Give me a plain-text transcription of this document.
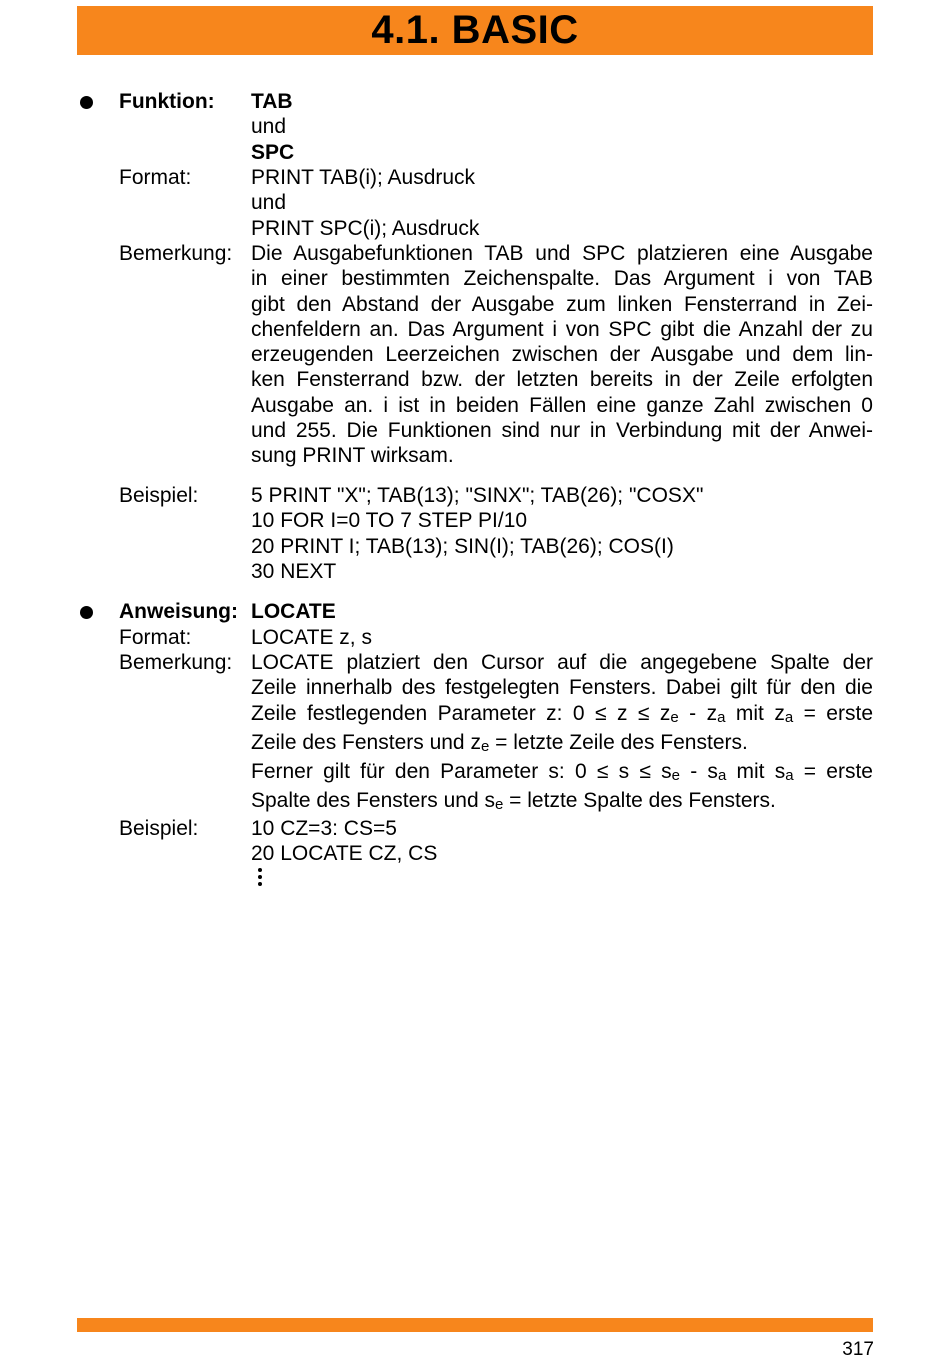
4.1. BASIC
Funktion: TAB
und
SPC
Format:	PRINT TAB(i); Ausdruck
und
PRINT SPC(i); Ausdruck
Bemerkung: Die Ausgabefunktionen TAB und SPC platzieren eine Ausgabe
in einer bestimmten Zeichenspalte. Das Argument i von TAB
gibt den Abstand der Ausgabe zum linken Fensterrand in Zei-
chenfeldern an. Das Argument i von SPC gibt die Anzahl der zu
erzeugenden Leerzeichen zwischen der Ausgabe und dem lin-
ken Fensterrand bzw. der letzten bereits in der Zeile erfolgten
Ausgabe an. i ist in beiden Fällen eine ganze Zahl zwischen 0
und 255. Die Funktionen sind nur in Verbindung mit der Anwei-
sung PRINT wirksam.
Beispiel:	5 PRINT "X"; TAB(13); "SINX"; TAB(26); "COSX"
10 FOR I=0 TO 7 STEP PI/10
20 PRINT I; TAB(13); SIN(I); TAB(26); COS(I)
30 NEXT
Anweisung: LOCATE
Format:	LOCATE z, s
Bemerkung: LOCATE platziert den Cursor auf die angegebene Spalte der
Zeile innerhalb des festgelegten Fensters. Dabei gilt für den die
Zeile festlegenden Parameter z: 0 ≤ z ≤ ze - za mit za = erste
Zeile des Fensters und ze = letzte Zeile des Fensters.
Ferner gilt für den Parameter s: 0 ≤ s ≤ se - sa mit sa = erste
Spalte des Fensters und se = letzte Spalte des Fensters.
Beispiel:	10 CZ=3: CS=5
20 LOCATE CZ, CS
317
